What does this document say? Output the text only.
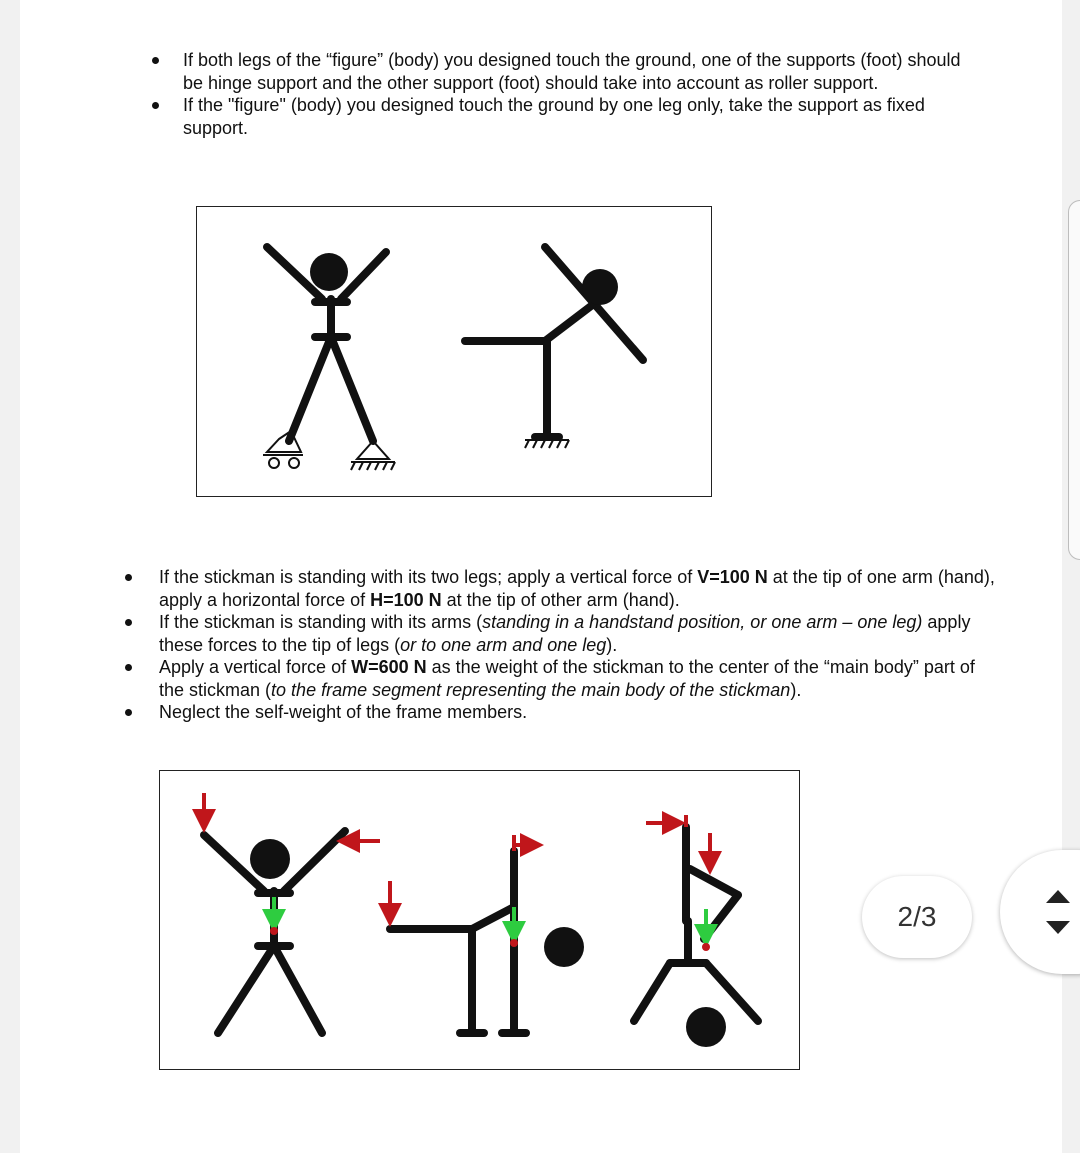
If both legs of the “figure” (body) you designed touch the ground, one of the supports (foot) should be hinge support and the other support (foot) should take into account as roller support.
If the "figure" (body) you designed touch the ground by one leg only, take the support as fixed support.
If the stickman is standing with its two legs; apply a vertical force of V=100 N at the tip of one arm (hand), apply a horizontal force of H=100 N at the tip of other arm (hand).
If the stickman is standing with its arms (standing in a handstand position, or one arm – one leg) apply these forces to the tip of legs (or to one arm and one leg).
Apply a vertical force of W=600 N as the weight of the stickman to the center of the “main body” part of the stickman (to the frame segment representing the main body of the stickman).
Neglect the self-weight of the frame members.
2/3
